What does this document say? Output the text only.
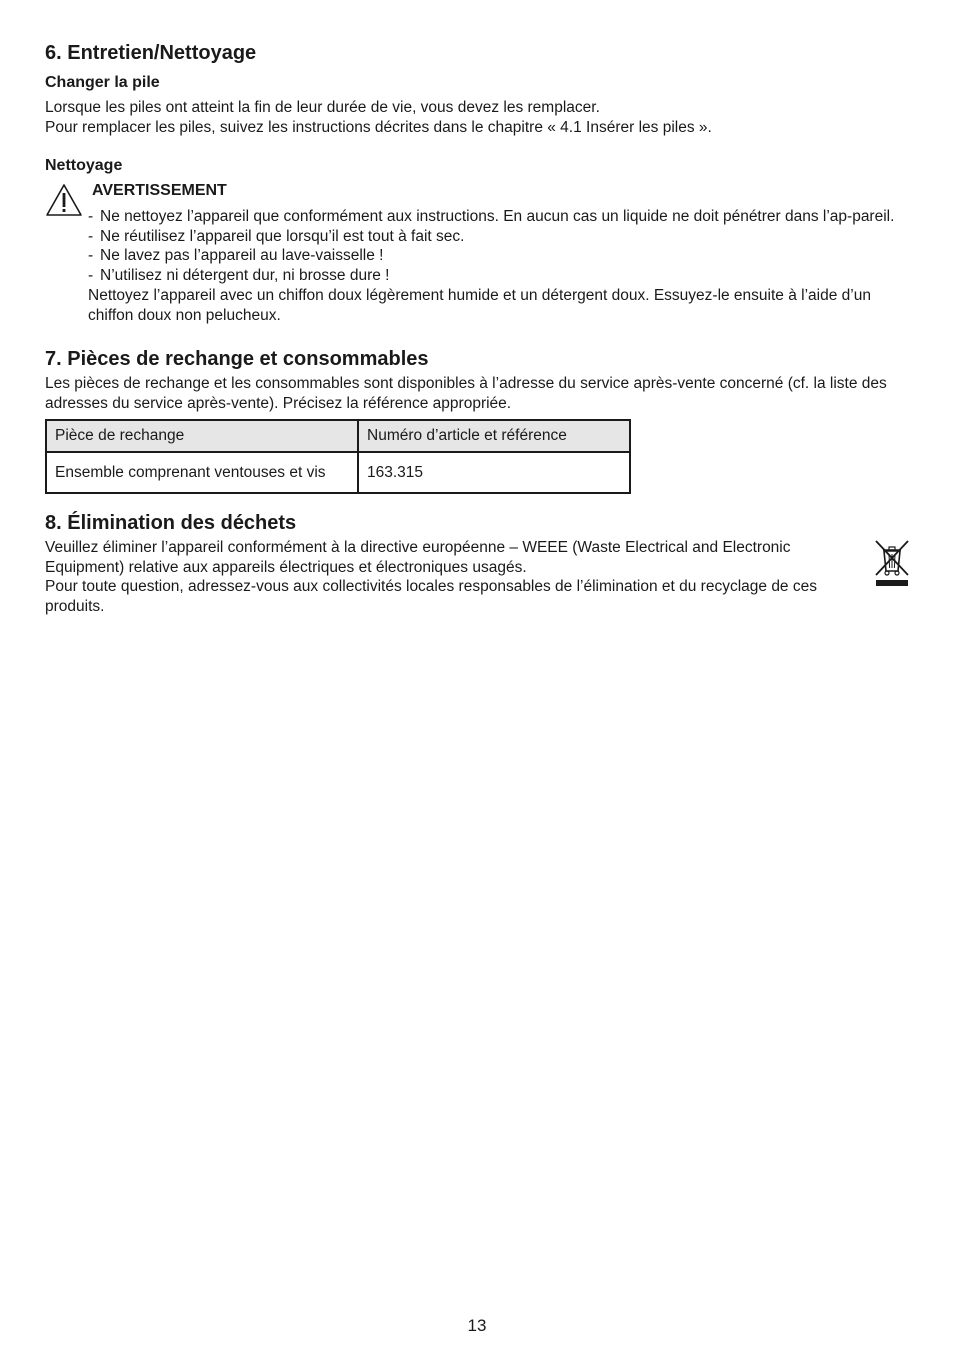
6. Entretien/Nettoyage
Changer la pile

Lorsque les piles ont atteint la fin de leur durée de vie, vous devez les remplacer.

Pour remplacer les piles, suivez les instructions décrites dans le chapitre « 4.1 Insérer les piles ».

Nettoyage
AVERTISSEMENT
- Ne nettoyez l’appareil que conformément aux instructions. En aucun cas un liquide ne doit pénétrer dans l’ap-pareil.
- Ne réutilisez l’appareil que lorsqu’il est tout à fait sec.
- Ne lavez pas l’appareil au lave-vaisselle !
- N’utilisez ni détergent dur, ni brosse dure !

Nettoyez l’appareil avec un chiffon doux légèrement humide et un détergent doux. Essuyez-le ensuite à l’aide d’un chiffon doux non pelucheux.

7. Pièces de rechange et consommables

Les pièces de rechange et les consommables sont disponibles à l’adresse du service après-vente concerné (cf. la liste des adresses du service après-vente). Précisez la référence appropriée.

Pièce de rechange	Numéro d’article et référence
Ensemble comprenant ventouses et vis	163.315
8. Élimination des déchets

Veuillez éliminer l’appareil conformément à la directive européenne – WEEE (Waste Electrical and Electronic Equipment) relative aux appareils électriques et électroniques usagés.

Pour toute question, adressez-vous aux collectivités locales responsables de l’élimination et du recyclage de ces produits.

13
